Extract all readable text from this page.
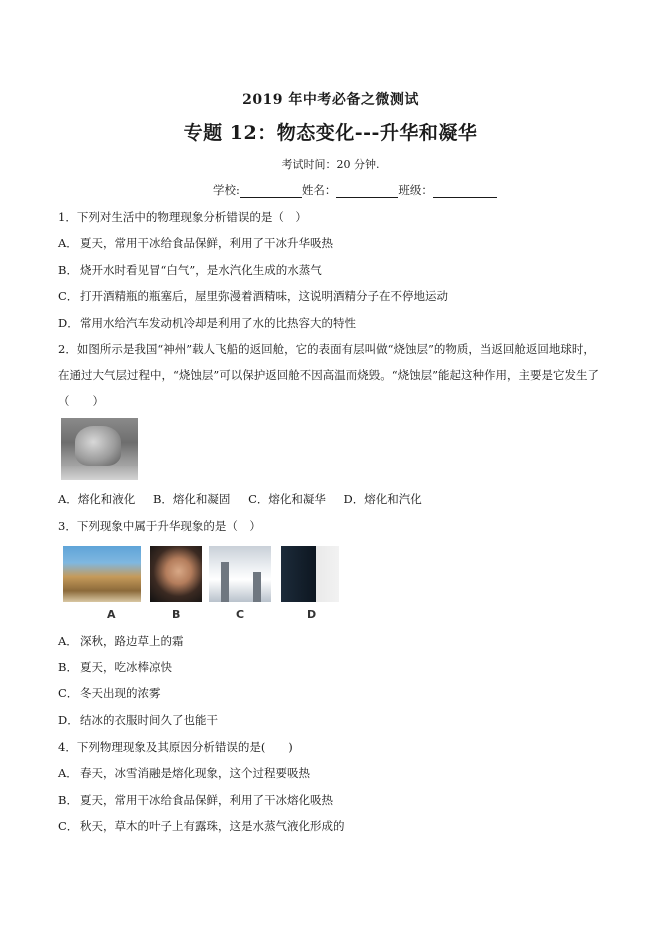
2019 年中考必备之微测试
专题 12：物态变化---升华和凝华
考试时间：20 分钟.
学校:	姓名：	班级：
1．下列对生活中的物理现象分析错误的是（　）
A． 夏天，常用干冰给食品保鲜，利用了干冰升华吸热
B． 烧开水时看见冒“白气”，是水汽化生成的水蒸气
C． 打开酒精瓶的瓶塞后，屋里弥漫着酒精味，这说明酒精分子在不停地运动
D．常用水给汽车发动机冷却是利用了水的比热容大的特性
2．如图所示是我国“神州”载人飞船的返回舱，它的表面有层叫做“烧蚀层”的物质，当返回舱返回地球时，
在通过大气层过程中，“烧蚀层”可以保护返回舱不因高温而烧毁。“烧蚀层”能起这种作用，主要是它发生了
（　　）
A．熔化和液化 B．熔化和凝固 C．熔化和凝华 D．熔化和汽化
3．下列现象中属于升华现象的是（　）
A	B	C	D
A． 深秋，路边草上的霜
B． 夏天，吃冰棒凉快
C． 冬天出现的浓雾
D．结冰的衣服时间久了也能干
4．下列物理现象及其原因分析错误的是(　　)
A． 春天，冰雪消融是熔化现象，这个过程要吸热
B． 夏天，常用干冰给食品保鲜，利用了干冰熔化吸热
C． 秋天，草木的叶子上有露珠，这是水蒸气液化形成的
